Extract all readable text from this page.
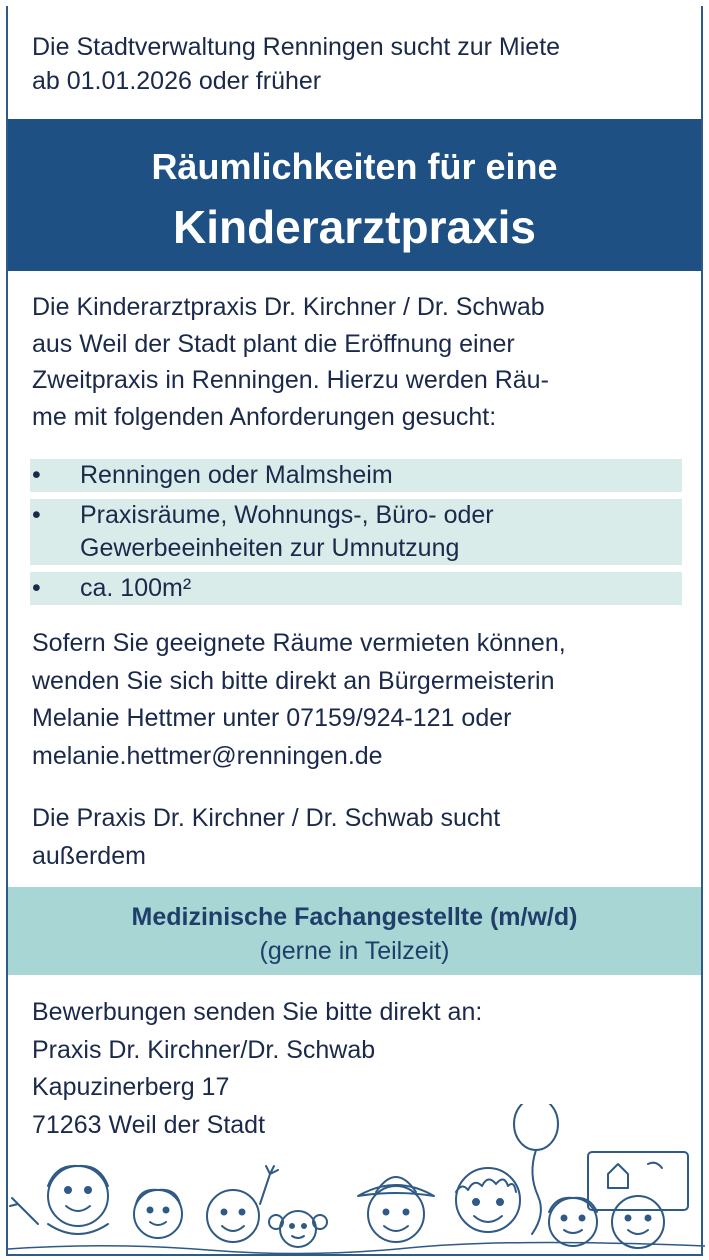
Die Stadtverwaltung Renningen sucht zur Miete
ab 01.01.2026 oder früher
Räumlichkeiten für eine
Kinderarztpraxis
Die Kinderarztpraxis Dr. Kirchner / Dr. Schwab
aus Weil der Stadt plant die Eröffnung einer
Zweitpraxis in Renningen. Hierzu werden Räu-
me mit folgenden Anforderungen gesucht:
• Renningen oder Malmsheim
• Praxisräume, Wohnungs-, Büro- oder
Gewerbeeinheiten zur Umnutzung
• ca. 100m²
Sofern Sie geeignete Räume vermieten können,
wenden Sie sich bitte direkt an Bürgermeisterin
Melanie Hettmer unter 07159/924-121 oder
melanie.hettmer@renningen.de
Die Praxis Dr. Kirchner / Dr. Schwab sucht
außerdem
Medizinische Fachangestellte (m/w/d)
(gerne in Teilzeit)
Bewerbungen senden Sie bitte direkt an:
Praxis Dr. Kirchner/Dr. Schwab
Kapuzinerberg 17
71263 Weil der Stadt
